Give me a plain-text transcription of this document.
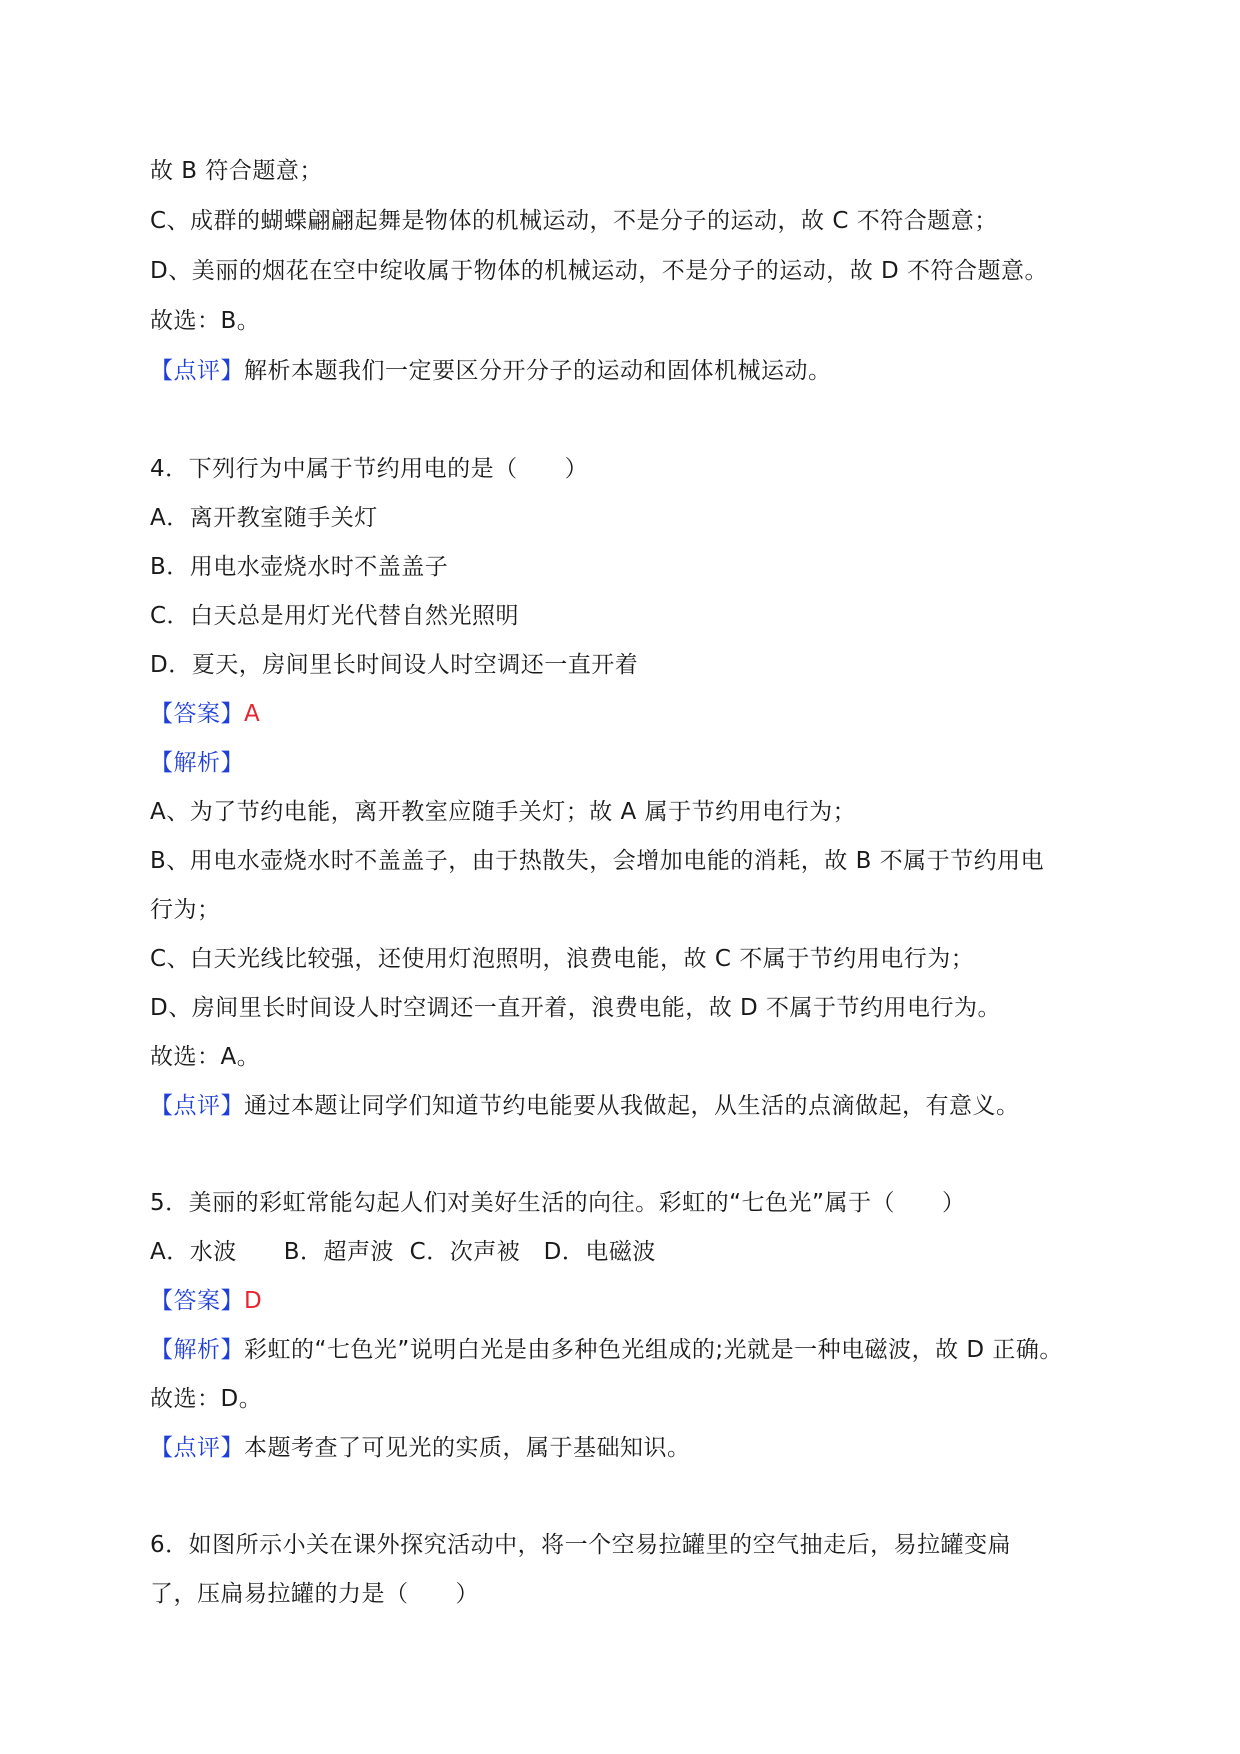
故 B 符合题意；
C、成群的蝴蝶翩翩起舞是物体的机械运动，不是分子的运动，故 C 不符合题意；
D、美丽的烟花在空中绽收属于物体的机械运动，不是分子的运动，故 D 不符合题意。
故选：B。
【点评】解析本题我们一定要区分开分子的运动和固体机械运动。
4．下列行为中属于节约用电的是（　　）
A．离开教室随手关灯
B．用电水壶烧水时不盖盖子
C．白天总是用灯光代替自然光照明
D．夏天，房间里长时间设人时空调还一直开着
【答案】A
【解析】
A、为了节约电能，离开教室应随手关灯；故 A 属于节约用电行为；
B、用电水壶烧水时不盖盖子，由于热散失，会增加电能的消耗，故 B 不属于节约用电
行为；
C、白天光线比较强，还使用灯泡照明，浪费电能，故 C 不属于节约用电行为；
D、房间里长时间设人时空调还一直开着，浪费电能，故 D 不属于节约用电行为。
故选：A。
【点评】通过本题让同学们知道节约电能要从我做起，从生活的点滴做起，有意义。
5．美丽的彩虹常能勾起人们对美好生活的向往。彩虹的“七色光”属于（　　）
A．水波　　B．超声波  C．次声被   D．电磁波
【答案】D
【解析】彩虹的“七色光”说明白光是由多种色光组成的;光就是一种电磁波，故 D 正确。
故选：D。
【点评】本题考查了可见光的实质，属于基础知识。
6．如图所示小关在课外探究活动中，将一个空易拉罐里的空气抽走后，易拉罐变扁
了，压扁易拉罐的力是（　　）
